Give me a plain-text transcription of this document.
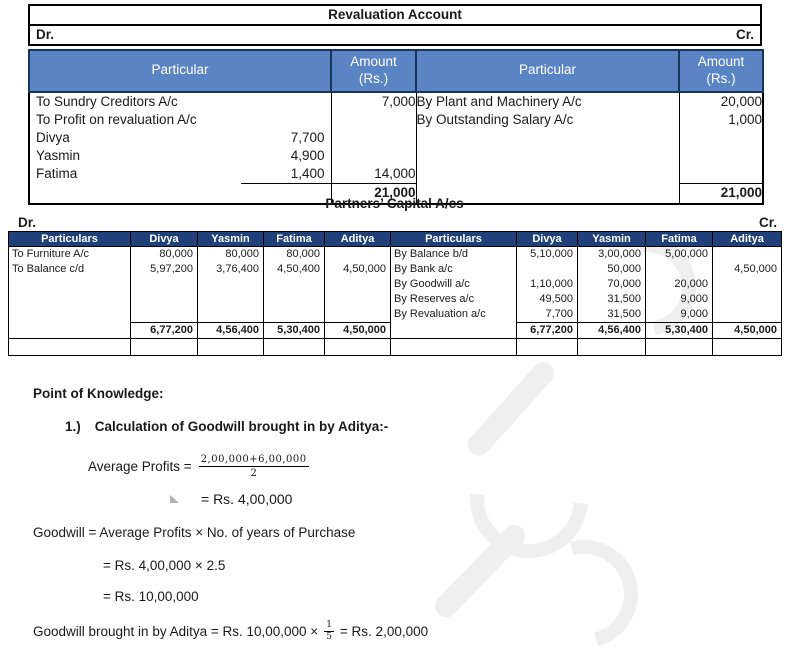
Revaluation Account
Dr.	Cr.
Particular	Amount (Rs.)	Particular	Amount (Rs.)

To Sundry Creditors A/c	7,000	By Plant and Machinery A/c	20,000

To Profit on revaluation A/c		By Outstanding Salary A/c	1,000

Divya 7,700			

Yasmin 4,900			

Fatima 1,400	14,000		
	21,000		21,000
Partners’ Capital A/cs
Dr.	Cr.
Particulars	Divya	Yasmin	Fatima	Aditya	Particulars	Divya	Yasmin	Fatima	Aditya
To Furniture A/c	80,000	80,000	80,000		By Balance b/d	5,10,000	3,00,000	5,00,000	
To Balance c/d	5,97,200	3,76,400	4,50,400	4,50,000	By Bank a/c		50,000		4,50,000
					By Goodwill a/c	1,10,000	70,000	20,000	
					By Reserves a/c	49,500	31,500	9,000	
					By Revaluation a/c	7,700	31,500	9,000	
	6,77,200	4,56,400	5,30,400	4,50,000		6,77,200	4,56,400	5,30,400	4,50,000

Point of Knowledge:
1.) Calculation of Goodwill brought in by Aditya:-
Average Profits = $\frac{2,00,000+6,00,000}{2}$
= Rs. 4,00,000
Goodwill = Average Profits × No. of years of Purchase
= Rs. 4,00,000 × 2.5
= Rs. 10,00,000
Goodwill brought in by Aditya = Rs. $10,00,000 \times \frac{1}{5} = Rs$. 2,00,000
